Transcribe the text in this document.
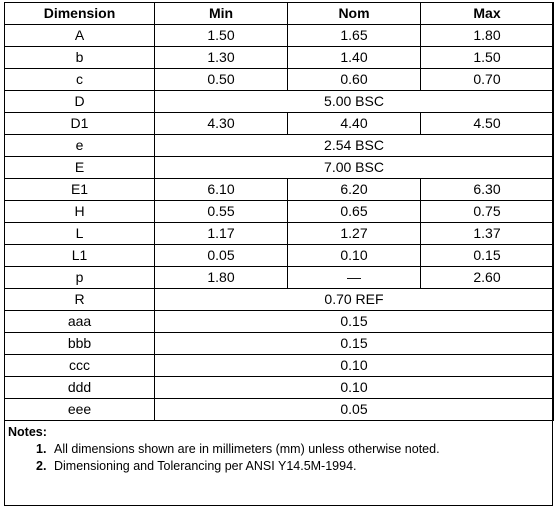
Dimension	Min	Nom	Max
A	1.50	1.65	1.80
b	1.30	1.40	1.50
c	0.50	0.60	0.70
D	5.00 BSC		
D1	4.30	4.40	4.50
e	2.54 BSC		
E	7.00 BSC		
E1	6.10	6.20	6.30
H	0.55	0.65	0.75
L	1.17	1.27	1.37
L1	0.05	0.10	0.15
p	1.80	—	2.60
R	0.70 REF		
aaa	0.15		
bbb	0.15		
ccc	0.10		
ddd	0.10		
eee	0.05		
Notes:
1. All dimensions shown are in millimeters (mm) unless otherwise noted.
2. Dimensioning and Tolerancing per ANSI Y14.5M-1994.
